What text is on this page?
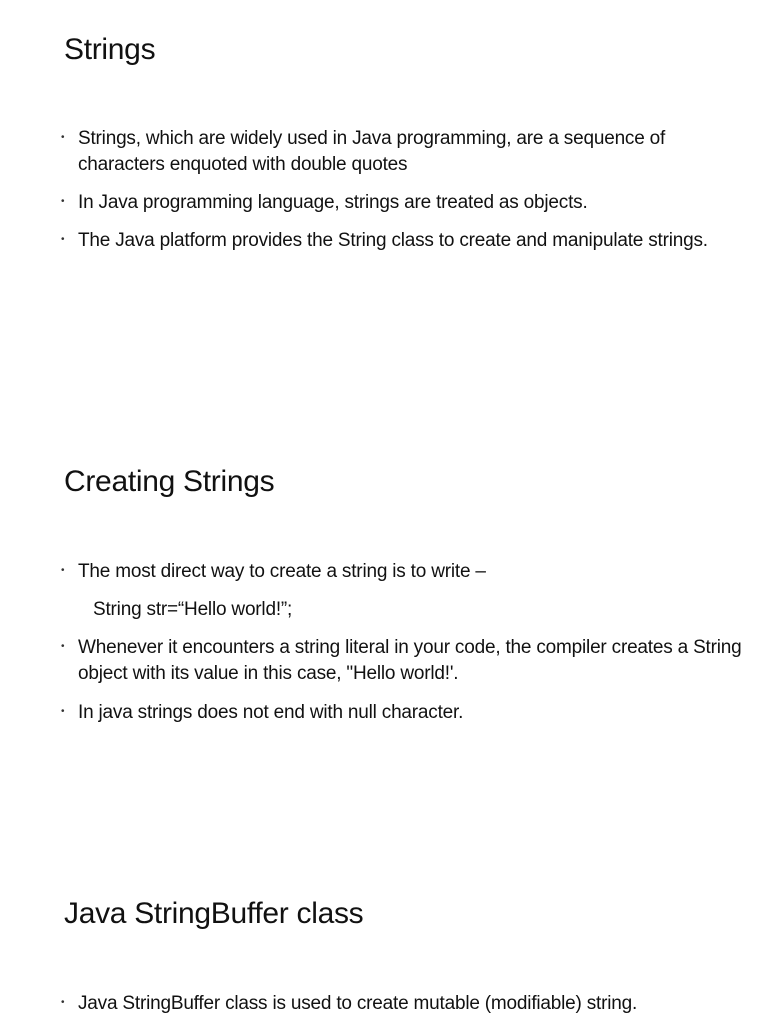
Strings
• Strings, which are widely used in Java programming, are a sequence of characters enquoted with double quotes
• In Java programming language, strings are treated as objects.
• The Java platform provides the String class to create and manipulate strings.
Creating Strings
• The most direct way to create a string is to write –
String str=“Hello world!”;
• Whenever it encounters a string literal in your code, the compiler creates a String object with its value in this case, "Hello world!'.
• In java strings does not end with null character.
Java StringBuffer class
• Java StringBuffer class is used to create mutable (modifiable) string.
